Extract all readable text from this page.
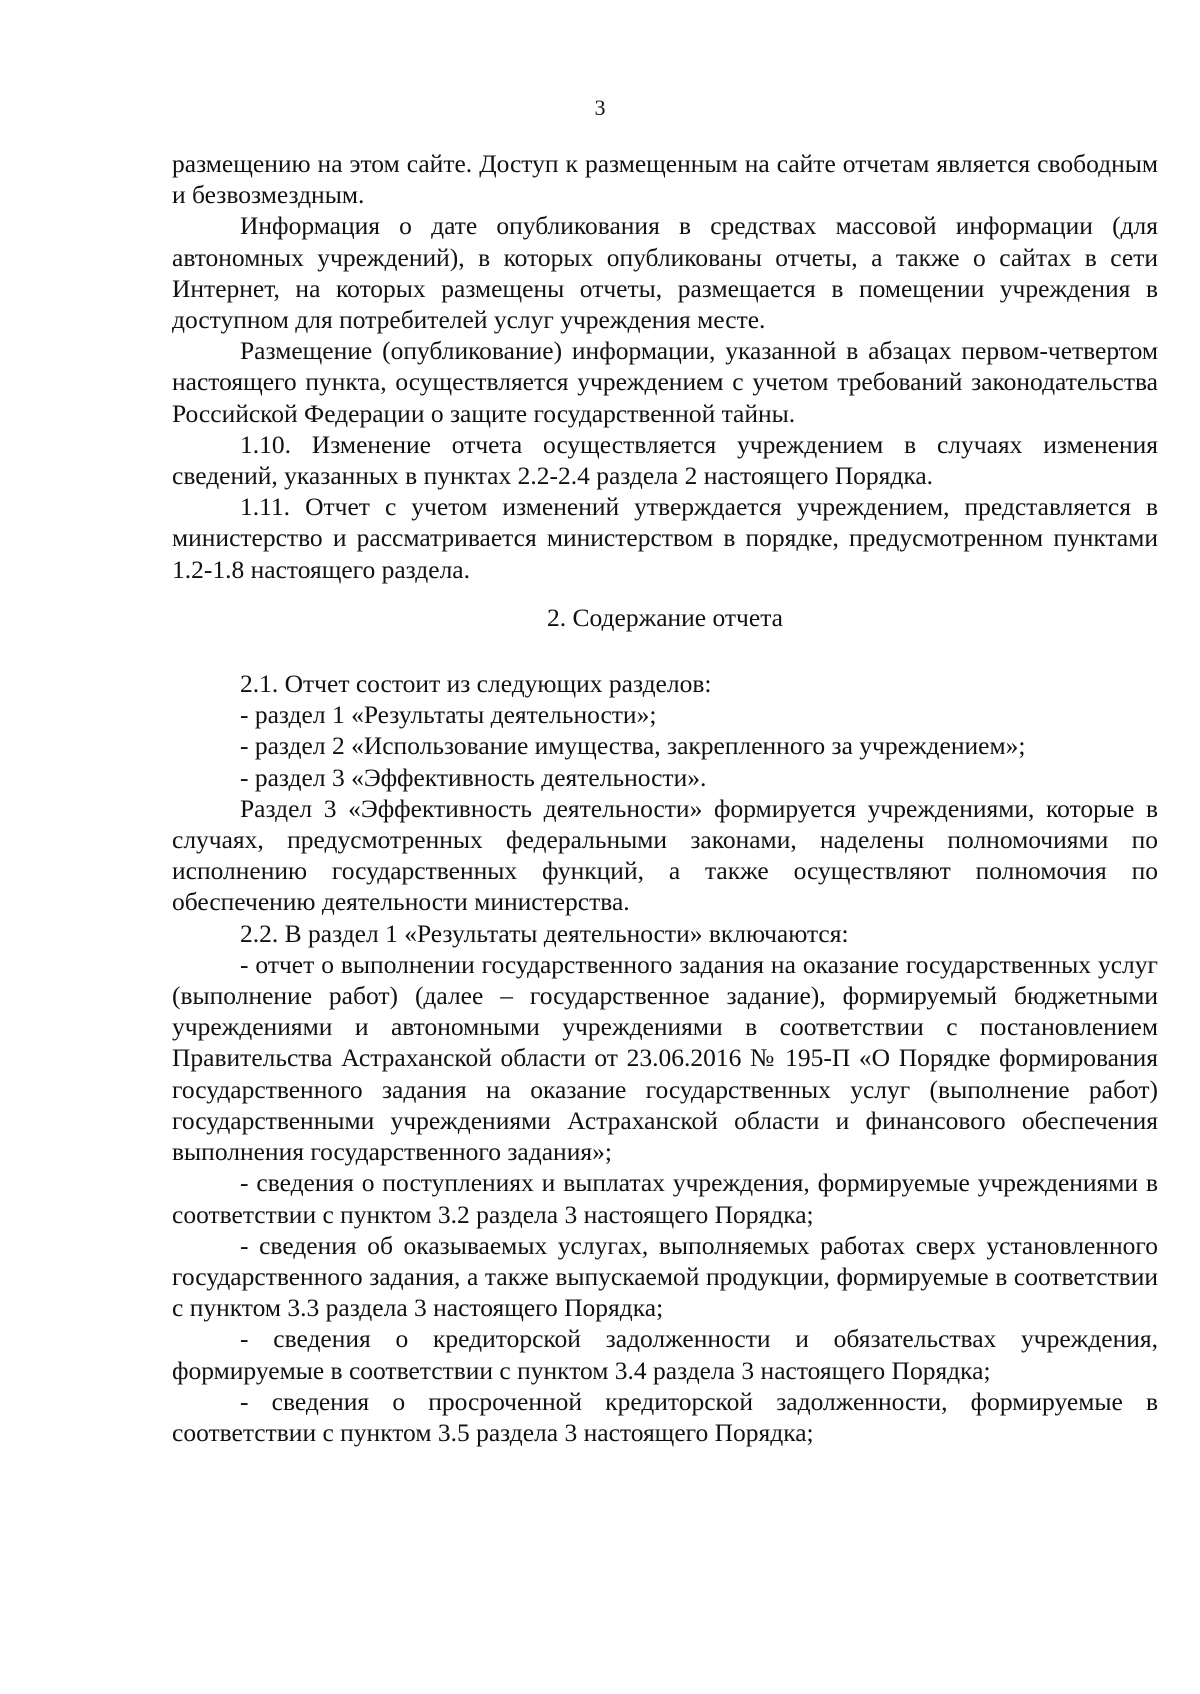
3

размещению на этом сайте. Доступ к размещенным на сайте отчетам является свободным и безвозмездным.

Информация о дате опубликования в средствах массовой информации (для автономных учреждений), в которых опубликованы отчеты, а также о сайтах в сети Интернет, на которых размещены отчеты, размещается в помещении учреждения в доступном для потребителей услуг учреждения месте.

Размещение (опубликование) информации, указанной в абзацах первом-четвертом настоящего пункта, осуществляется учреждением с учетом требований законодательства Российской Федерации о защите государственной тайны.

1.10. Изменение отчета осуществляется учреждением в случаях изменения сведений, указанных в пунктах 2.2-2.4 раздела 2 настоящего Порядка.

1.11. Отчет с учетом изменений утверждается учреждением, представляется в министерство и рассматривается министерством в порядке, предусмотренном пунктами 1.2-1.8 настоящего раздела.

2. Содержание отчета

2.1. Отчет состоит из следующих разделов:

- раздел 1 «Результаты деятельности»;

- раздел 2 «Использование имущества, закрепленного за учреждением»;

- раздел 3 «Эффективность деятельности».

Раздел 3 «Эффективность деятельности» формируется учреждениями, которые в случаях, предусмотренных федеральными законами, наделены полномочиями по исполнению государственных функций, а также осуществляют полномочия по обеспечению деятельности министерства.

2.2. В раздел 1 «Результаты деятельности» включаются:

- отчет о выполнении государственного задания на оказание государственных услуг (выполнение работ) (далее – государственное задание), формируемый бюджетными учреждениями и автономными учреждениями в соответствии с постановлением Правительства Астраханской области от 23.06.2016 № 195-П «О Порядке формирования государственного задания на оказание государственных услуг (выполнение работ) государственными учреждениями Астраханской области и финансового обеспечения выполнения государственного задания»;

- сведения о поступлениях и выплатах учреждения, формируемые учреждениями в соответствии с пунктом 3.2 раздела 3 настоящего Порядка;

- сведения об оказываемых услугах, выполняемых работах сверх установленного государственного задания, а также выпускаемой продукции, формируемые в соответствии с пунктом 3.3 раздела 3 настоящего Порядка;

- сведения о кредиторской задолженности и обязательствах учреждения, формируемые в соответствии с пунктом 3.4 раздела 3 настоящего Порядка;

- сведения о просроченной кредиторской задолженности, формируемые в соответствии с пунктом 3.5 раздела 3 настоящего Порядка;
